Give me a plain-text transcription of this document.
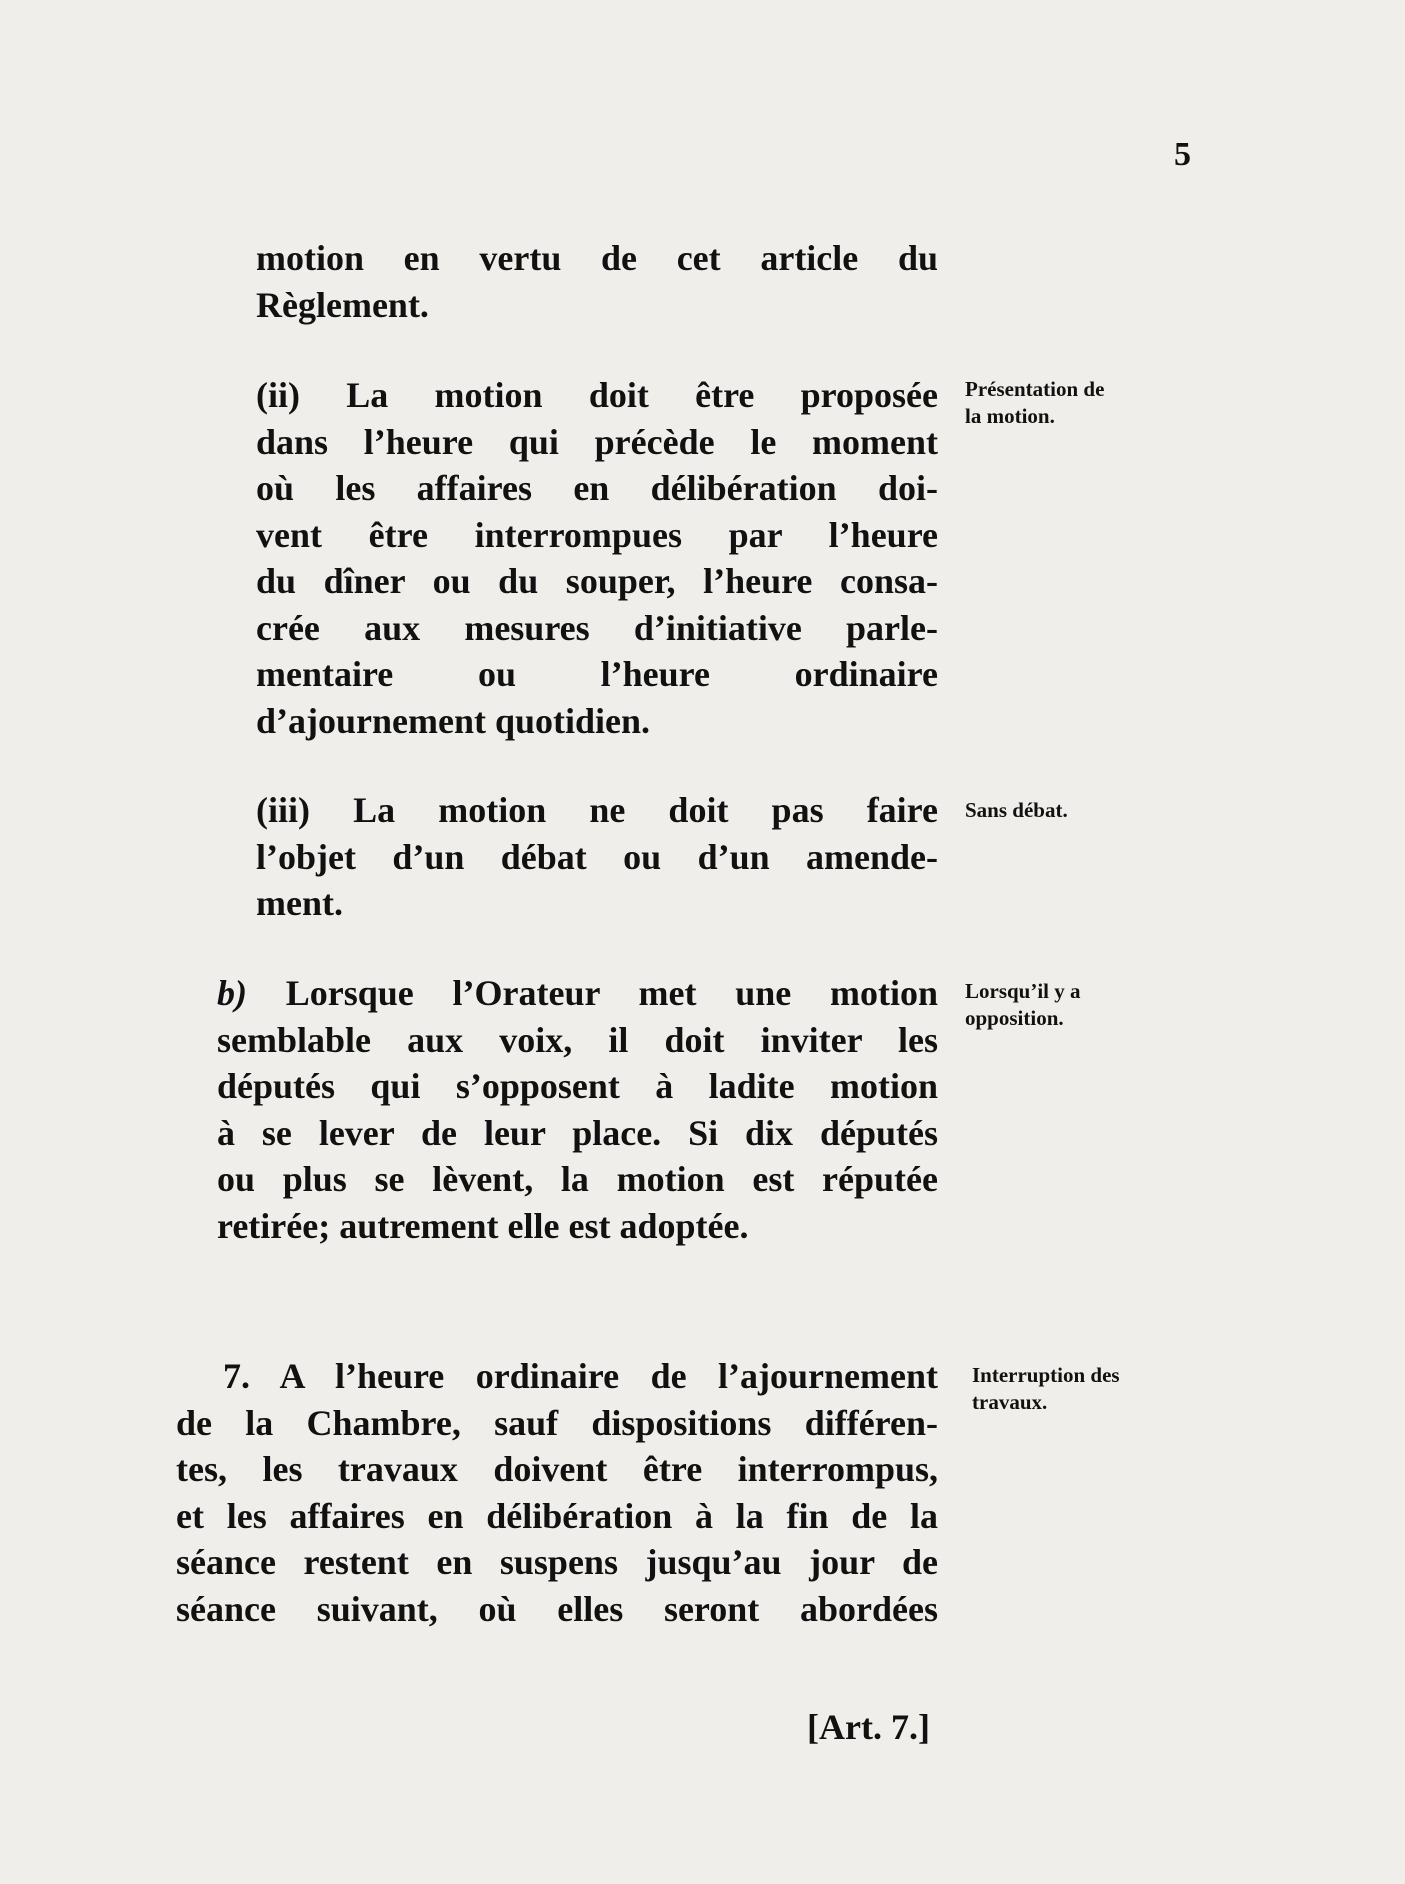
5
motion en vertu de cet article du
Règlement.
(ii) La motion doit être proposée
dans l’heure qui précède le moment
où les affaires en délibération doi-
vent être interrompues par l’heure
du dîner ou du souper, l’heure consa-
crée aux mesures d’initiative parle-
mentaire ou l’heure ordinaire
d’ajournement quotidien.
(iii) La motion ne doit pas faire
l’objet d’un débat ou d’un amende-
ment.
b) Lorsque l’Orateur met une motion
semblable aux voix, il doit inviter les
députés qui s’opposent à ladite motion
à se lever de leur place. Si dix députés
ou plus se lèvent, la motion est réputée
retirée; autrement elle est adoptée.
7. A l’heure ordinaire de l’ajournement
de la Chambre, sauf dispositions différen-
tes, les travaux doivent être interrompus,
et les affaires en délibération à la fin de la
séance restent en suspens jusqu’au jour de
séance suivant, où elles seront abordées
Présentation de
la motion.
Sans débat.
Lorsqu’il y a
opposition.
Interruption des
travaux.
[Art. 7.]
